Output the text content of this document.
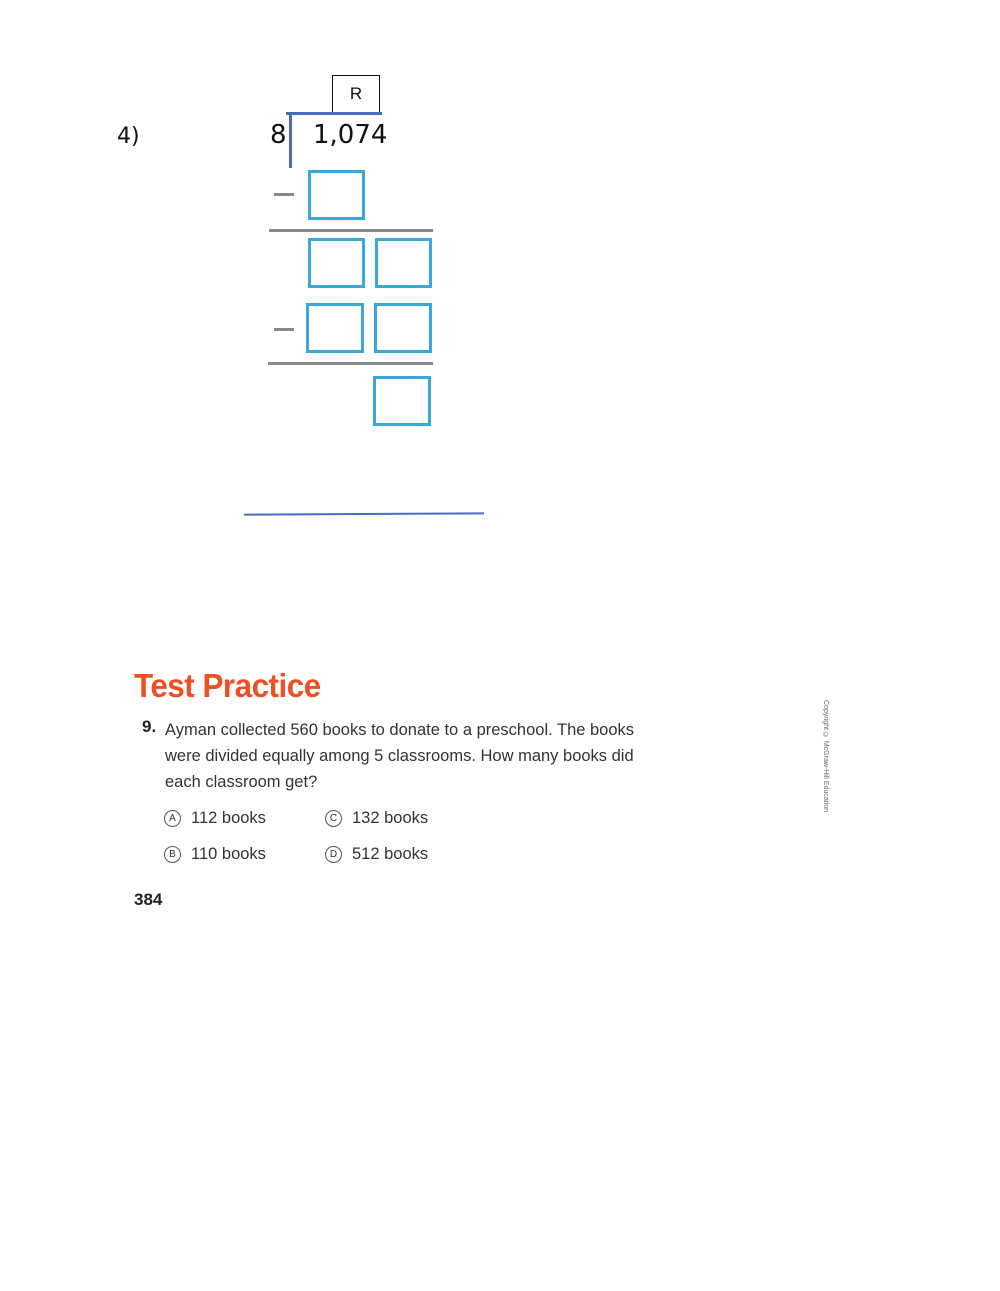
4)	8 1,074
R
Test Practice
9. Ayman collected 560 books to donate to a preschool. The books were divided equally among 5 classrooms. How many books did each classroom get?
A 112 books
B 110 books
C 132 books
D 512 books
384
Copyright © McGraw-Hill Education
